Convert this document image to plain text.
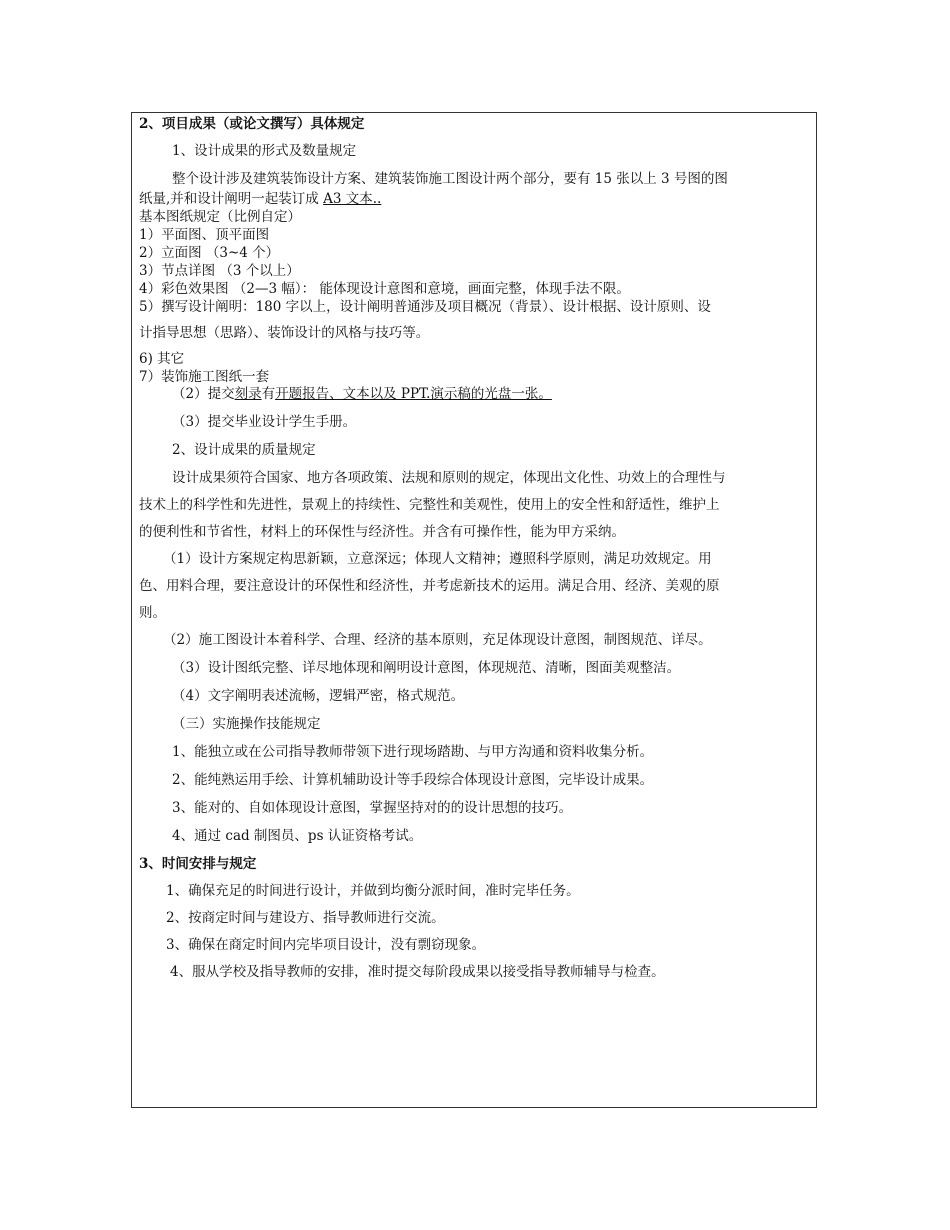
2、项目成果（或论文撰写）具体规定
1、设计成果的形式及数量规定
整个设计涉及建筑装饰设计方案、建筑装饰施工图设计两个部分，要有 15 张以上 3 号图的图
纸量,并和设计阐明一起装订成 A3 文本..
基本图纸规定（比例自定）
1）平面图、顶平面图
2）立面图 （3~4 个）
3）节点详图 （3 个以上）
4）彩色效果图 （2—3 幅）： 能体现设计意图和意境，画面完整，体现手法不限。
5）撰写设计阐明：180 字以上，设计阐明普通涉及项目概况（背景）、设计根据、设计原则、设
计指导思想（思路）、装饰设计的风格与技巧等。
6) 其它
7）装饰施工图纸一套
（2）提交刻录有开题报告、文本以及 PPT.演示稿的光盘一张。
（3）提交毕业设计学生手册。
2、设计成果的质量规定
设计成果须符合国家、地方各项政策、法规和原则的规定，体现出文化性、功效上的合理性与
技术上的科学性和先进性，景观上的持续性、完整性和美观性，使用上的安全性和舒适性，维护上
的便利性和节省性，材料上的环保性与经济性。并含有可操作性，能为甲方采纳。
（1）设计方案规定构思新颖，立意深远；体现人文精神；遵照科学原则，满足功效规定。用
色、用料合理，要注意设计的环保性和经济性，并考虑新技术的运用。满足合用、经济、美观的原
则。
（2）施工图设计本着科学、合理、经济的基本原则，充足体现设计意图，制图规范、详尽。
（3）设计图纸完整、详尽地体现和阐明设计意图，体现规范、清晰，图面美观整洁。
（4）文字阐明表述流畅，逻辑严密，格式规范。
（三）实施操作技能规定
1、能独立或在公司指导教师带领下进行现场踏勘、与甲方沟通和资料收集分析。
2、能纯熟运用手绘、计算机辅助设计等手段综合体现设计意图，完毕设计成果。
3、能对的、自如体现设计意图，掌握坚持对的的设计思想的技巧。
4、通过 cad 制图员、ps 认证资格考试。
3、时间安排与规定
1、确保充足的时间进行设计，并做到均衡分派时间，准时完毕任务。
2、按商定时间与建设方、指导教师进行交流。
3、确保在商定时间内完毕项目设计，没有剽窃现象。
4、服从学校及指导教师的安排，准时提交每阶段成果以接受指导教师辅导与检查。
